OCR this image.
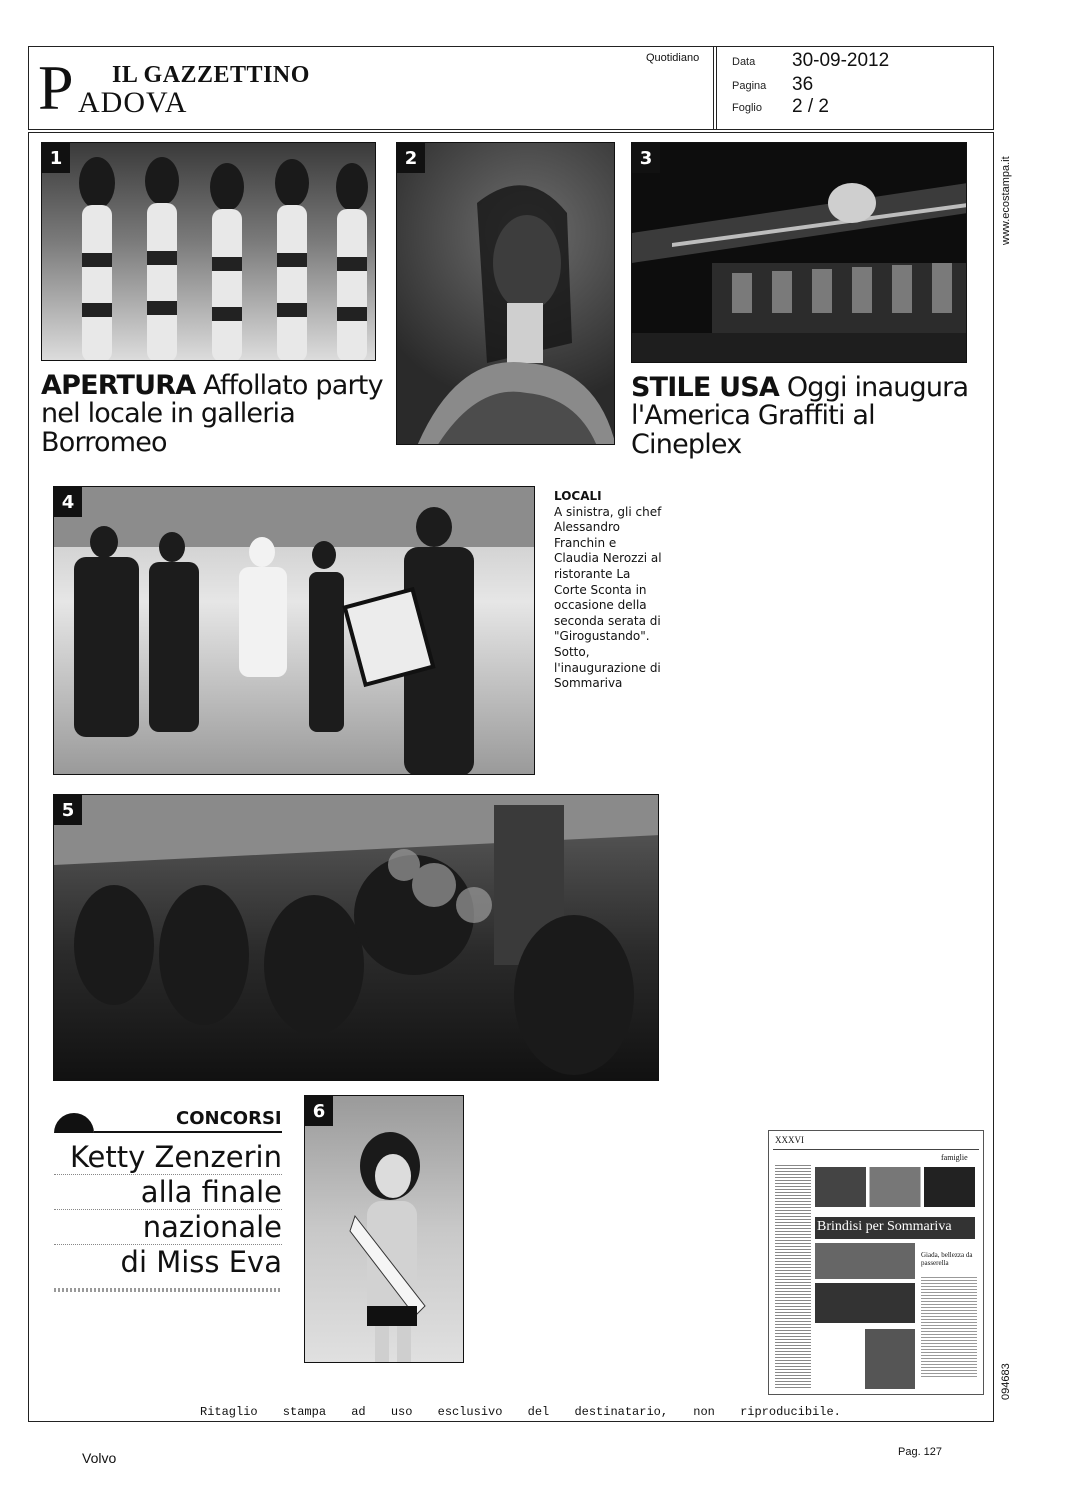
P IL GAZZETTINO
ADOVA
Quotidiano	Data 30-09-2012
Pagina 36
Foglio 2 / 2
www.ecostampa.it
094683
1	2	3
APERTURA Affollato party
nel locale in galleria Borromeo
STILE USA Oggi inaugura
l'America Graffiti al Cineplex
4	LOCALI
A sinistra, gli chef Alessandro Franchin e Claudia Nerozzi al ristorante La Corte Sconta in occasione della seconda serata di "Girogustando". Sotto, l'inaugurazione di Sommariva
5
CONCORSI
Ketty Zenzerin
alla finale
nazionale
di Miss Eva
6
XXXVI
famiglie
Brindisi per Sommariva
Giada, bellezza da passerella
Ritaglio stampa ad uso esclusivo del destinatario, non riproducibile.
Volvo	Pag. 127
